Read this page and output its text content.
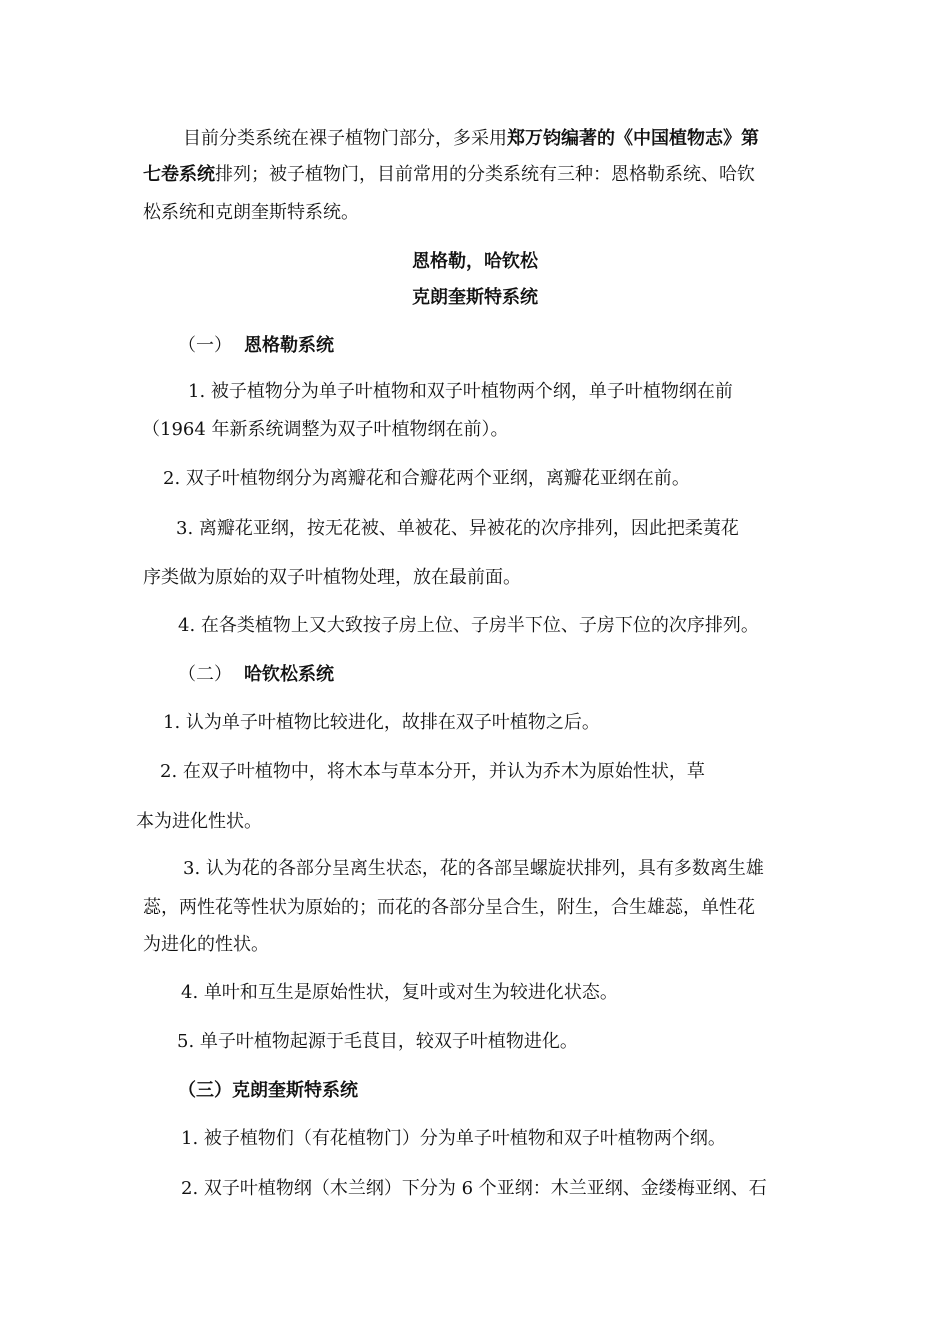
目前分类系统在裸子植物门部分，多采用郑万钧编著的《中国植物志》第
七卷系统排列；被子植物门，目前常用的分类系统有三种：恩格勒系统、哈钦
松系统和克朗奎斯特系统。
恩格勒，哈钦松
克朗奎斯特系统
（一） 恩格勒系统
1. 被子植物分为单子叶植物和双子叶植物两个纲，单子叶植物纲在前
（1964 年新系统调整为双子叶植物纲在前）。
2. 双子叶植物纲分为离瓣花和合瓣花两个亚纲，离瓣花亚纲在前。
3. 离瓣花亚纲，按无花被、单被花、异被花的次序排列，因此把柔荑花
序类做为原始的双子叶植物处理，放在最前面。
4. 在各类植物上又大致按子房上位、子房半下位、子房下位的次序排列。
（二） 哈钦松系统
1. 认为单子叶植物比较进化，故排在双子叶植物之后。
2. 在双子叶植物中，将木本与草本分开，并认为乔木为原始性状，草
本为进化性状。
3. 认为花的各部分呈离生状态，花的各部呈螺旋状排列，具有多数离生雄
蕊，两性花等性状为原始的；而花的各部分呈合生，附生，合生雄蕊，单性花
为进化的性状。
4. 单叶和互生是原始性状，复叶或对生为较进化状态。
5. 单子叶植物起源于毛茛目，较双子叶植物进化。
（三）克朗奎斯特系统
1. 被子植物们（有花植物门）分为单子叶植物和双子叶植物两个纲。
2. 双子叶植物纲（木兰纲）下分为 6 个亚纲：木兰亚纲、金缕梅亚纲、石
